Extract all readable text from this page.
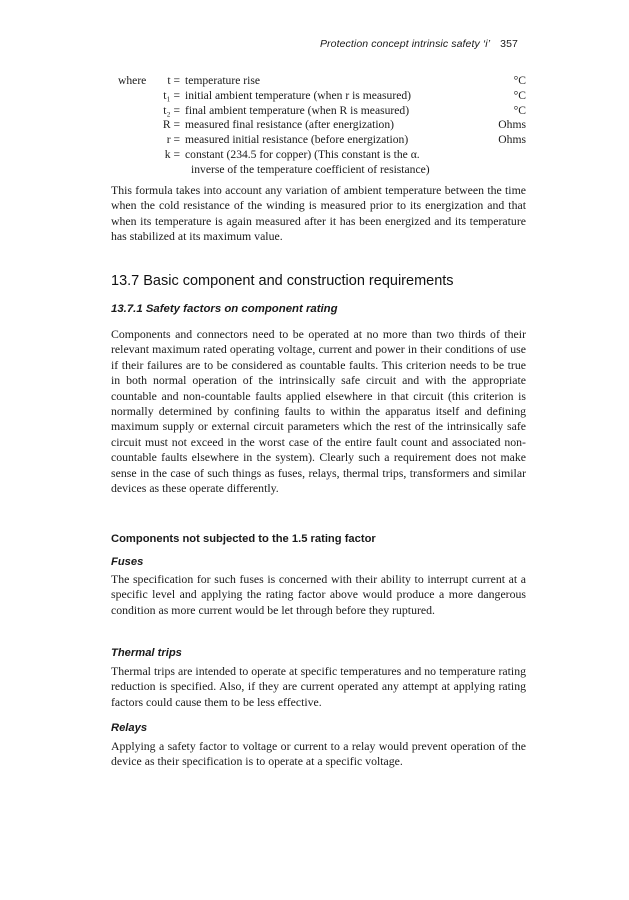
Protection concept intrinsic safety ‘i’ 357
where	t = temperature rise	°C
t₁ = initial ambient temperature (when r is measured)	°C
t₂ = final ambient temperature (when R is measured)	°C
R = measured final resistance (after energization)	Ohms
r = measured initial resistance (before energization)	Ohms
k = constant (234.5 for copper) (This constant is the α.
inverse of the temperature coefficient of resistance)

This formula takes into account any variation of ambient temperature between the time when the cold resistance of the winding is measured prior to its energization and that when its temperature is again measured after it has been energized and its temperature has stabilized at its maximum value.

13.7 Basic component and construction requirements
13.7.1 Safety factors on component rating

Components and connectors need to be operated at no more than two thirds of their relevant maximum rated operating voltage, current and power in their conditions of use if their failures are to be considered as countable faults. This criterion needs to be true in both normal operation of the intrinsically safe circuit and with the appropriate countable and non-countable faults applied elsewhere in that circuit (this criterion is normally determined by confining faults to within the apparatus itself and defining maximum supply or external circuit parameters which the rest of the intrinsically safe circuit must not exceed in the worst case of the entire fault count and associated non-countable faults elsewhere in the system). Clearly such a requirement does not make sense in the case of such things as fuses, relays, thermal trips, transformers and similar devices as these operate differently.

Components not subjected to the 1.5 rating factor
Fuses

The specification for such fuses is concerned with their ability to interrupt current at a specific level and applying the rating factor above would produce a more dangerous condition as more current would be let through before they ruptured.

Thermal trips

Thermal trips are intended to operate at specific temperatures and no temperature rating reduction is specified. Also, if they are current operated any attempt at applying rating factors could cause them to be less effective.

Relays

Applying a safety factor to voltage or current to a relay would prevent operation of the device as their specification is to operate at a specific voltage.
